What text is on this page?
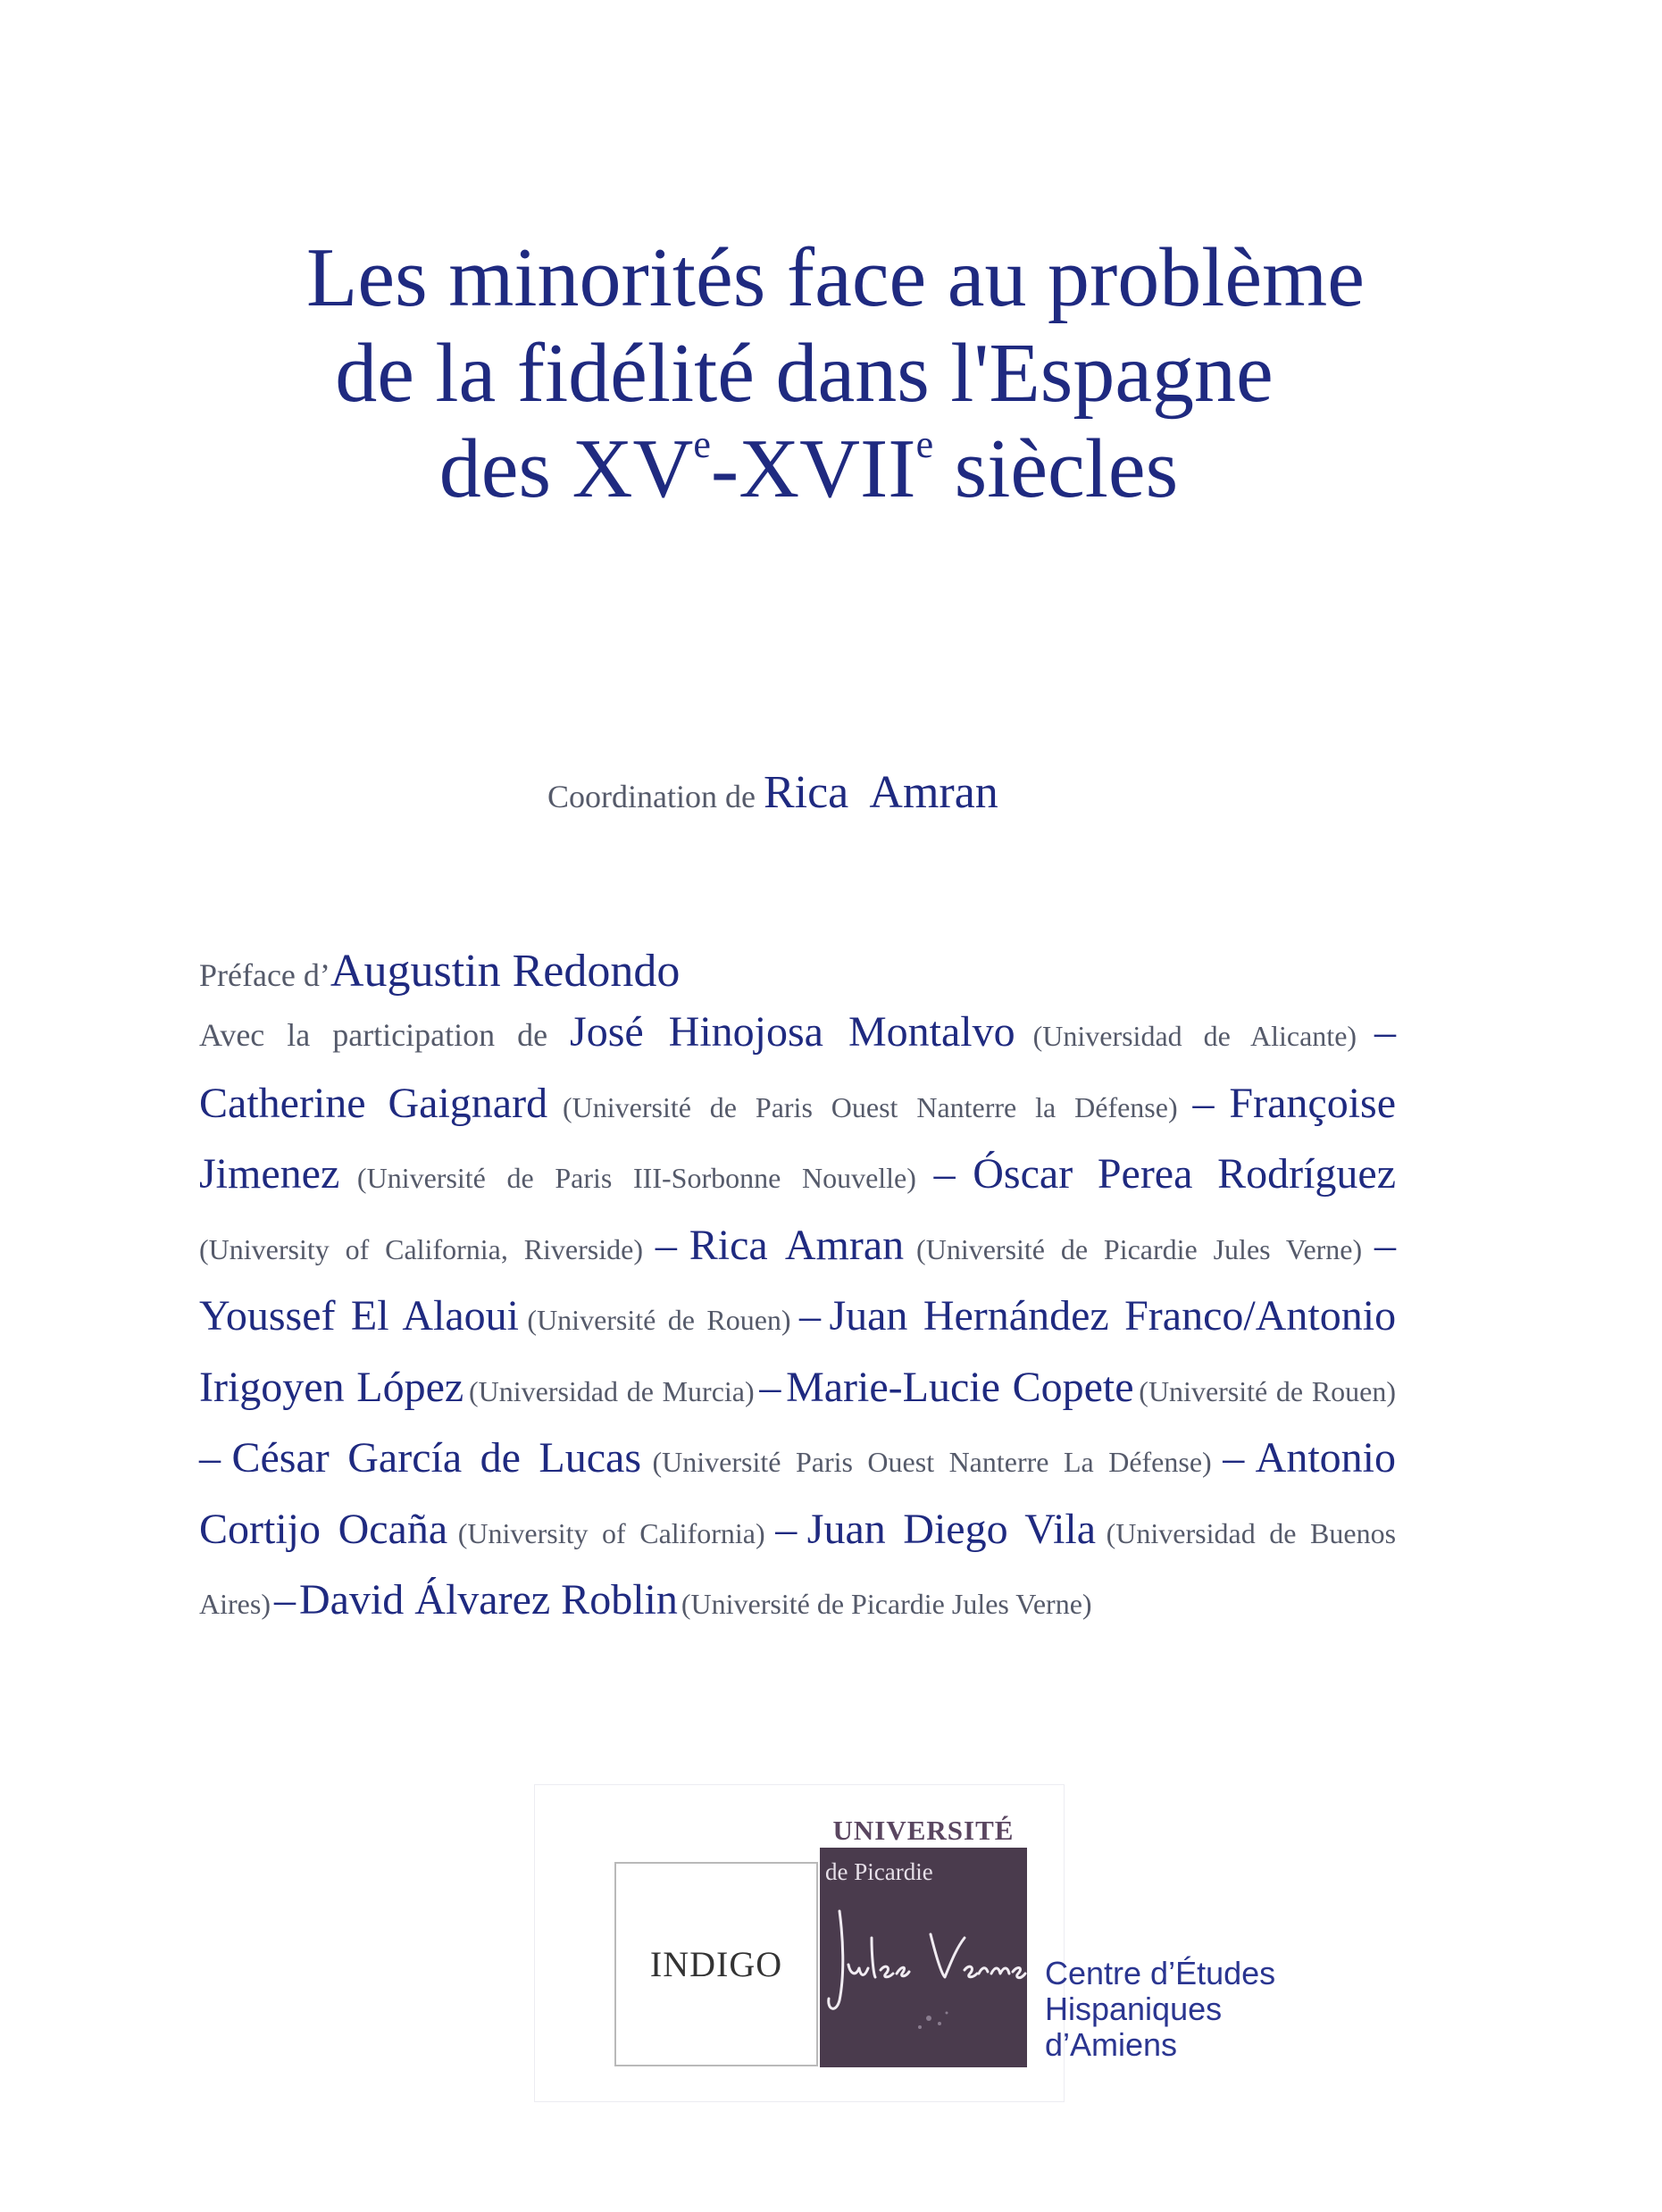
Les minorités face au problème
de la fidélité dans l'Espagne
des XVe-XVIIe siècles
Coordination de Rica  Amran
Préface d’Augustin Redondo
Avec la participation de José Hinojosa Montalvo (Universidad de Alicante) – Catherine Gaignard (Université de Paris Ouest Nanterre la Défense) – Françoise Jimenez (Université de Paris III-Sorbonne Nouvelle) – Óscar Perea Rodríguez (University of California, Riverside) – Rica Amran (Université de Picardie Jules Verne) – Youssef El Alaoui (Université de Rouen) – Juan Hernández Franco/Antonio Irigoyen López (Universidad de Murcia) – Marie-Lucie Copete (Université de Rouen) – César García de Lucas (Université Paris Ouest Nanterre La Défense) – Antonio Cortijo Ocaña (University of California) – Juan Diego Vila (Universidad de Buenos Aires) – David Álvarez Roblin (Université de Picardie Jules Verne)
INDIGO
UNIVERSITÉ
de Picardie
Centre d’Études
Hispaniques
d’Amiens
